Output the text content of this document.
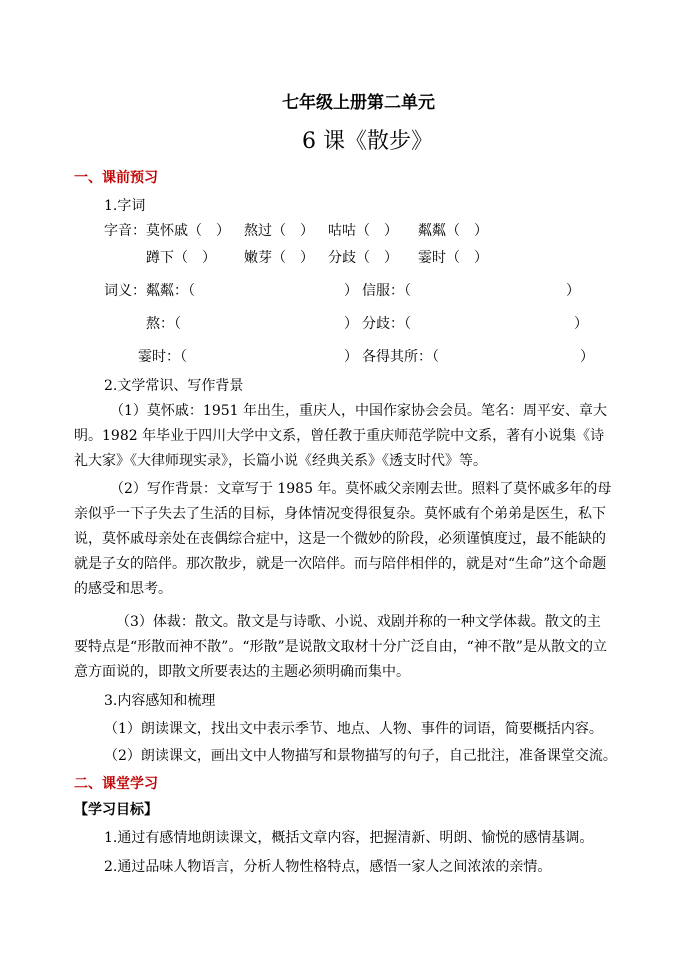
七年级上册第二单元
6 课《散步》
一、课前预习
1.字词
字音： 莫怀戚（　） 熬过（　） 咕咕（　） 粼粼（　）
蹲下（　） 嫩芽（　） 分歧（　） 霎时（　）
词义： 粼粼：（	） 信服：（	）
熬：（	） 分歧：（	）
霎时：（	） 各得其所：（	）
2.文学常识、写作背景
（1）莫怀戚：1951 年出生，重庆人，中国作家协会会员。笔名：周平安、章大明。1982 年毕业于四川大学中文系，曾任教于重庆师范学院中文系，著有小说集《诗礼大家》《大律师现实录》，长篇小说《经典关系》《透支时代》等。
（2）写作背景：文章写于 1985 年。莫怀戚父亲刚去世。照料了莫怀戚多年的母亲似乎一下子失去了生活的目标，身体情况变得很复杂。莫怀戚有个弟弟是医生，私下说，莫怀戚母亲处在丧偶综合症中，这是一个微妙的阶段，必须谨慎度过，最不能缺的就是子女的陪伴。那次散步，就是一次陪伴。而与陪伴相伴的，就是对“生命”这个命题的感受和思考。
（3）体裁：散文。散文是与诗歌、小说、戏剧并称的一种文学体裁。散文的主要特点是“形散而神不散”。“形散”是说散文取材十分广泛自由，“神不散”是从散文的立意方面说的，即散文所要表达的主题必须明确而集中。
3.内容感知和梳理
（1）朗读课文，找出文中表示季节、地点、人物、事件的词语，简要概括内容。
（2）朗读课文，画出文中人物描写和景物描写的句子，自己批注，准备课堂交流。
二、课堂学习
【学习目标】
1.通过有感情地朗读课文，概括文章内容，把握清新、明朗、愉悦的感情基调。
2.通过品味人物语言，分析人物性格特点，感悟一家人之间浓浓的亲情。
